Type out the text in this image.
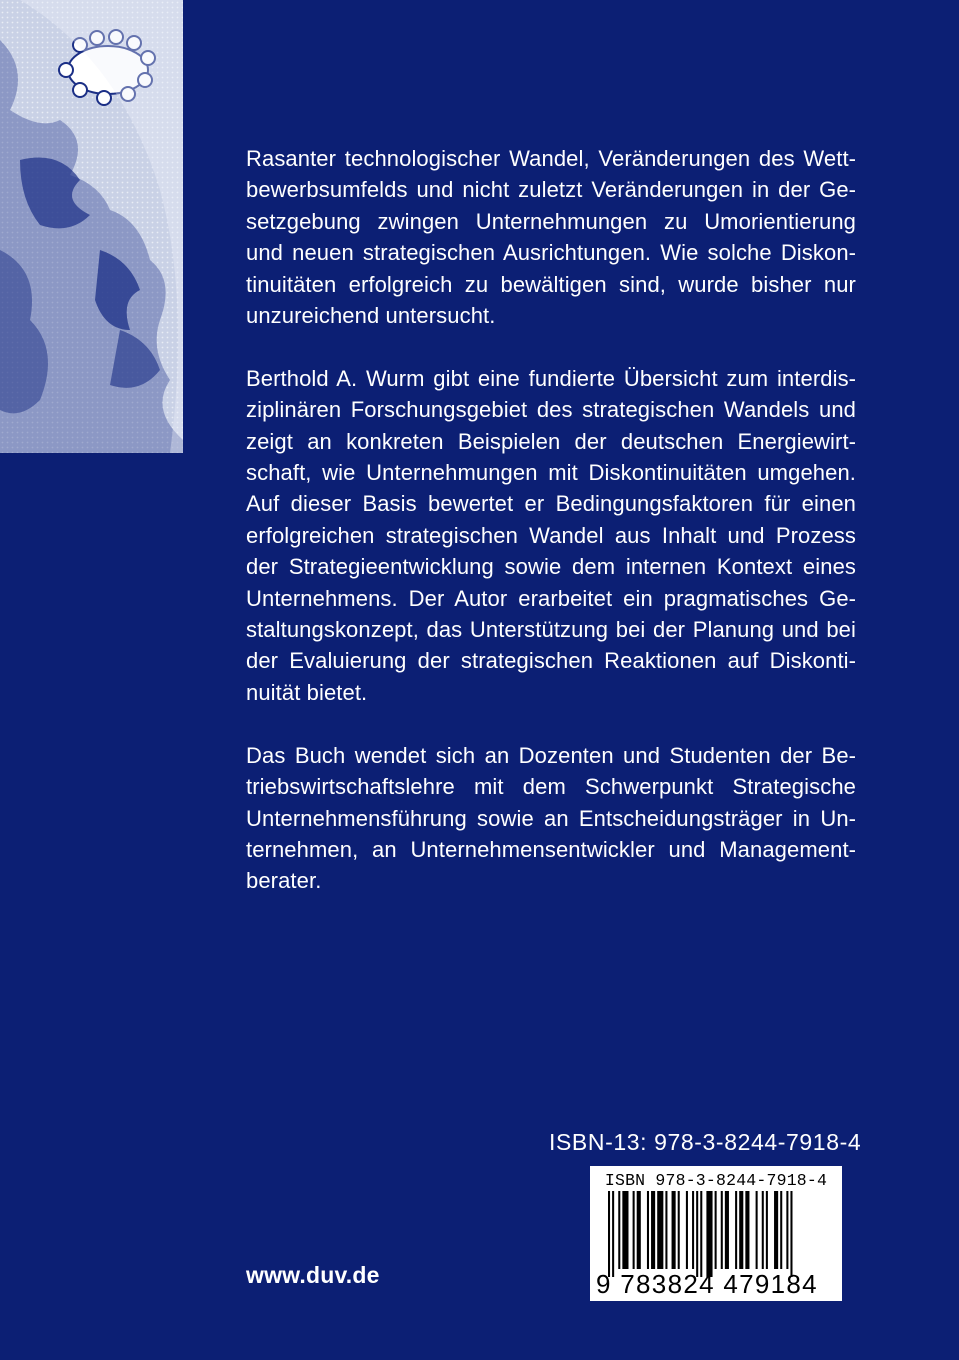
Rasanter technologischer Wandel, Veränderungen des Wettbewerbsumfelds und nicht zuletzt Veränderungen in der Gesetzgebung zwingen Unternehmungen zu Umorientierung und neuen strategischen Ausrichtungen. Wie solche Diskontinuitäten erfolgreich zu bewältigen sind, wurde bisher nur unzureichend untersucht.

Berthold A. Wurm gibt eine fundierte Übersicht zum interdisziplinären Forschungsgebiet des strategischen Wandels und zeigt an konkreten Beispielen der deutschen Energiewirtschaft, wie Unternehmungen mit Diskontinuitäten umgehen. Auf dieser Basis bewertet er Bedingungsfaktoren für einen erfolgreichen strategischen Wandel aus Inhalt und Prozess der Strategieentwicklung sowie dem internen Kontext eines Unternehmens. Der Autor erarbeitet ein pragmatisches Gestaltungskonzept, das Unterstützung bei der Planung und bei der Evaluierung der strategischen Reaktionen auf Diskontinuität bietet.

Das Buch wendet sich an Dozenten und Studenten der Betriebswirtschaftslehre mit dem Schwerpunkt Strategische Unternehmensführung sowie an Entscheidungsträger in Unternehmen, an Unternehmensentwickler und Managementberater.

ISBN-13: 978-3-8244-7918-4
ISBN 978-3-8244-7918-4
9 783824 479184
www.duv.de
